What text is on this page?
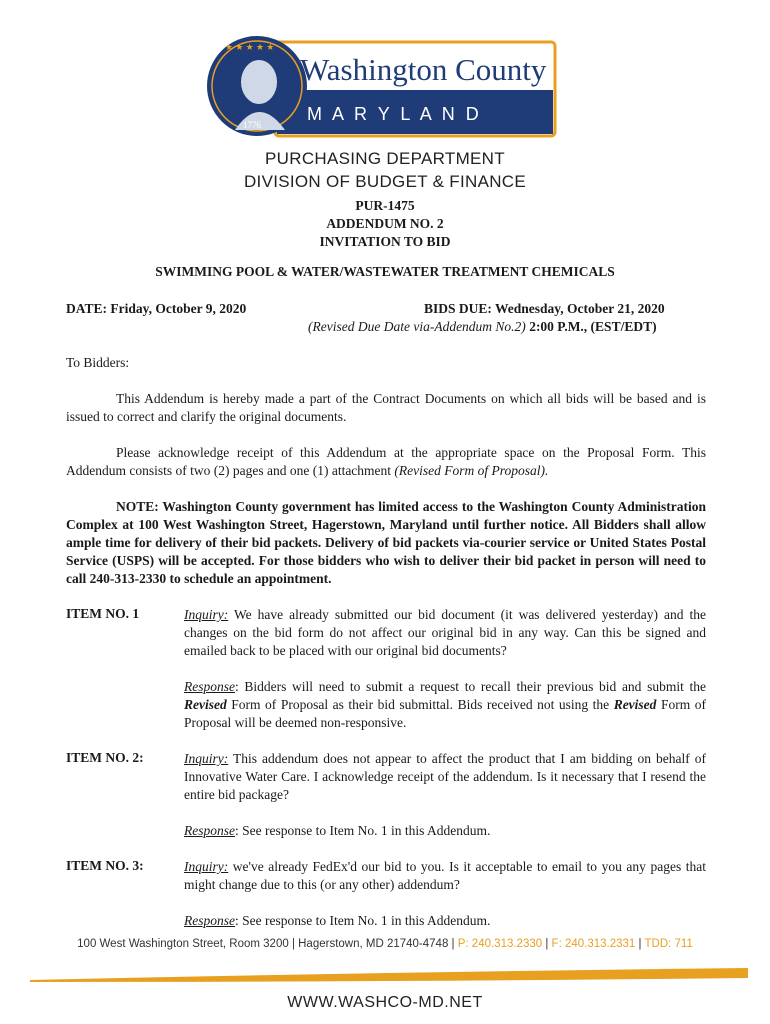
★ ★ ★ ★ ★
1776
Washington County
M A R Y L A N D
PURCHASING DEPARTMENT
DIVISION OF BUDGET & FINANCE
PUR-1475
ADDENDUM NO. 2
INVITATION TO BID
SWIMMING POOL & WATER/WASTEWATER TREATMENT CHEMICALS
DATE: Friday, October 9, 2020	BIDS DUE: Wednesday, October 21, 2020
(Revised Due Date via-Addendum No.2) 2:00 P.M., (EST/EDT)
To Bidders:
This Addendum is hereby made a part of the Contract Documents on which all bids will be based and is issued to correct and clarify the original documents.
Please acknowledge receipt of this Addendum at the appropriate space on the Proposal Form. This Addendum consists of two (2) pages and one (1) attachment (Revised Form of Proposal).
NOTE: Washington County government has limited access to the Washington County Administration Complex at 100 West Washington Street, Hagerstown, Maryland until further notice. All Bidders shall allow ample time for delivery of their bid packets. Delivery of bid packets via-courier service or United States Postal Service (USPS) will be accepted. For those bidders who wish to deliver their bid packet in person will need to call 240-313-2330 to schedule an appointment.
ITEM NO. 1	Inquiry: We have already submitted our bid document (it was delivered yesterday) and the changes on the bid form do not affect our original bid in any way. Can this be signed and emailed back to be placed with our original bid documents?
Response: Bidders will need to submit a request to recall their previous bid and submit the Revised Form of Proposal as their bid submittal. Bids received not using the Revised Form of Proposal will be deemed non-responsive.
ITEM NO. 2:	Inquiry: This addendum does not appear to affect the product that I am bidding on behalf of Innovative Water Care. I acknowledge receipt of the addendum. Is it necessary that I resend the entire bid package?
Response: See response to Item No. 1 in this Addendum.
ITEM NO. 3:	Inquiry: we've already FedEx'd our bid to you. Is it acceptable to email to you any pages that might change due to this (or any other) addendum?
Response: See response to Item No. 1 in this Addendum.
100 West Washington Street, Room 3200 | Hagerstown, MD 21740-4748 | P: 240.313.2330 | F: 240.313.2331 | TDD: 711
WWW.WASHCO-MD.NET
